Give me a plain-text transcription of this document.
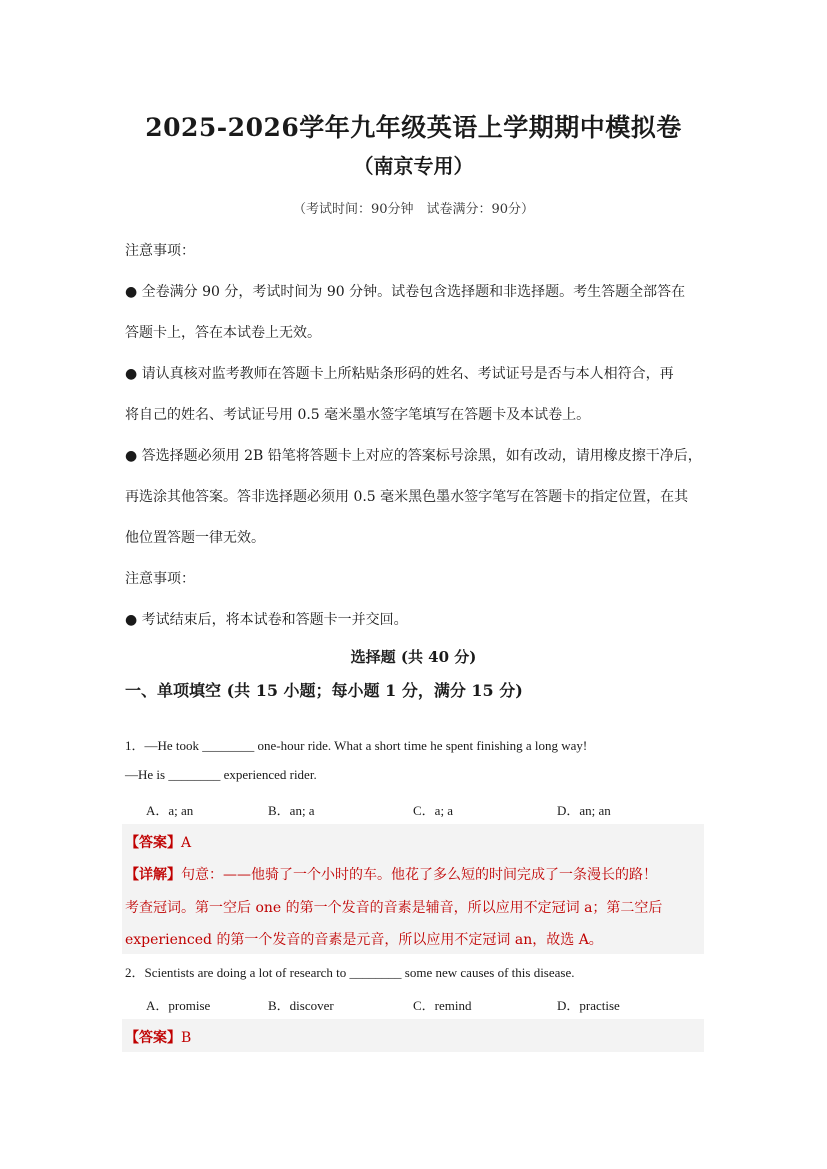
2025-2026学年九年级英语上学期期中模拟卷
（南京专用）
（考试时间：90分钟　试卷满分：90分）
注意事项：
● 全卷满分 90 分，考试时间为 90 分钟。试卷包含选择题和非选择题。考生答题全部答在
答题卡上，答在本试卷上无效。
● 请认真核对监考教师在答题卡上所粘贴条形码的姓名、考试证号是否与本人相符合，再
将自己的姓名、考试证号用 0.5 毫米墨水签字笔填写在答题卡及本试卷上。
● 答选择题必须用 2B 铅笔将答题卡上对应的答案标号涂黑，如有改动，请用橡皮擦干净后，
再选涂其他答案。答非选择题必须用 0.5 毫米黑色墨水签字笔写在答题卡的指定位置，在其
他位置答题一律无效。
注意事项：
● 考试结束后，将本试卷和答题卡一并交回。
选择题 (共 40 分)
一、单项填空 (共 15 小题；每小题 1 分，满分 15 分)
1．—He took ________ one-hour ride. What a short time he spent finishing a long way!
—He is ________ experienced rider.
A．a; an	B．an; a	C．a; a	D．an; an
【答案】A
【详解】句意：——他骑了一个小时的车。他花了多么短的时间完成了一条漫长的路！
考查冠词。第一空后 one 的第一个发音的音素是辅音，所以应用不定冠词 a；第二空后
experienced 的第一个发音的音素是元音，所以应用不定冠词 an，故选 A。
2．Scientists are doing a lot of research to ________ some new causes of this disease.
A．promise	B．discover	C．remind	D．practise
【答案】B
